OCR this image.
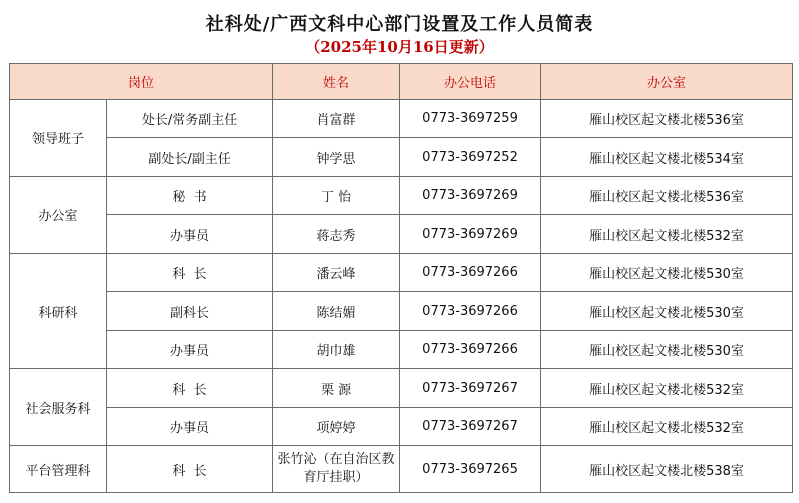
社科处/广西文科中心部门设置及工作人员简表
（2025年10月16日更新）
岗位		姓名	办公电话	办公室
领导班子	处长/常务副主任	肖富群	0773-3697259	雁山校区起文楼北楼536室
	副处长/副主任	钟学思	0773-3697252	雁山校区起文楼北楼534室
办公室	秘  书	丁 怡	0773-3697269	雁山校区起文楼北楼536室
	办事员	蒋志秀	0773-3697269	雁山校区起文楼北楼532室
科研科	科  长	潘云峰	0773-3697266	雁山校区起文楼北楼530室
	副科长	陈结媚	0773-3697266	雁山校区起文楼北楼530室
	办事员	胡巾雄	0773-3697266	雁山校区起文楼北楼530室
社会服务科	科  长	栗 源	0773-3697267	雁山校区起文楼北楼532室
	办事员	项婷婷	0773-3697267	雁山校区起文楼北楼532室
平台管理科	科  长	张竹沁（在自治区教育厅挂职）	0773-3697265	雁山校区起文楼北楼538室
